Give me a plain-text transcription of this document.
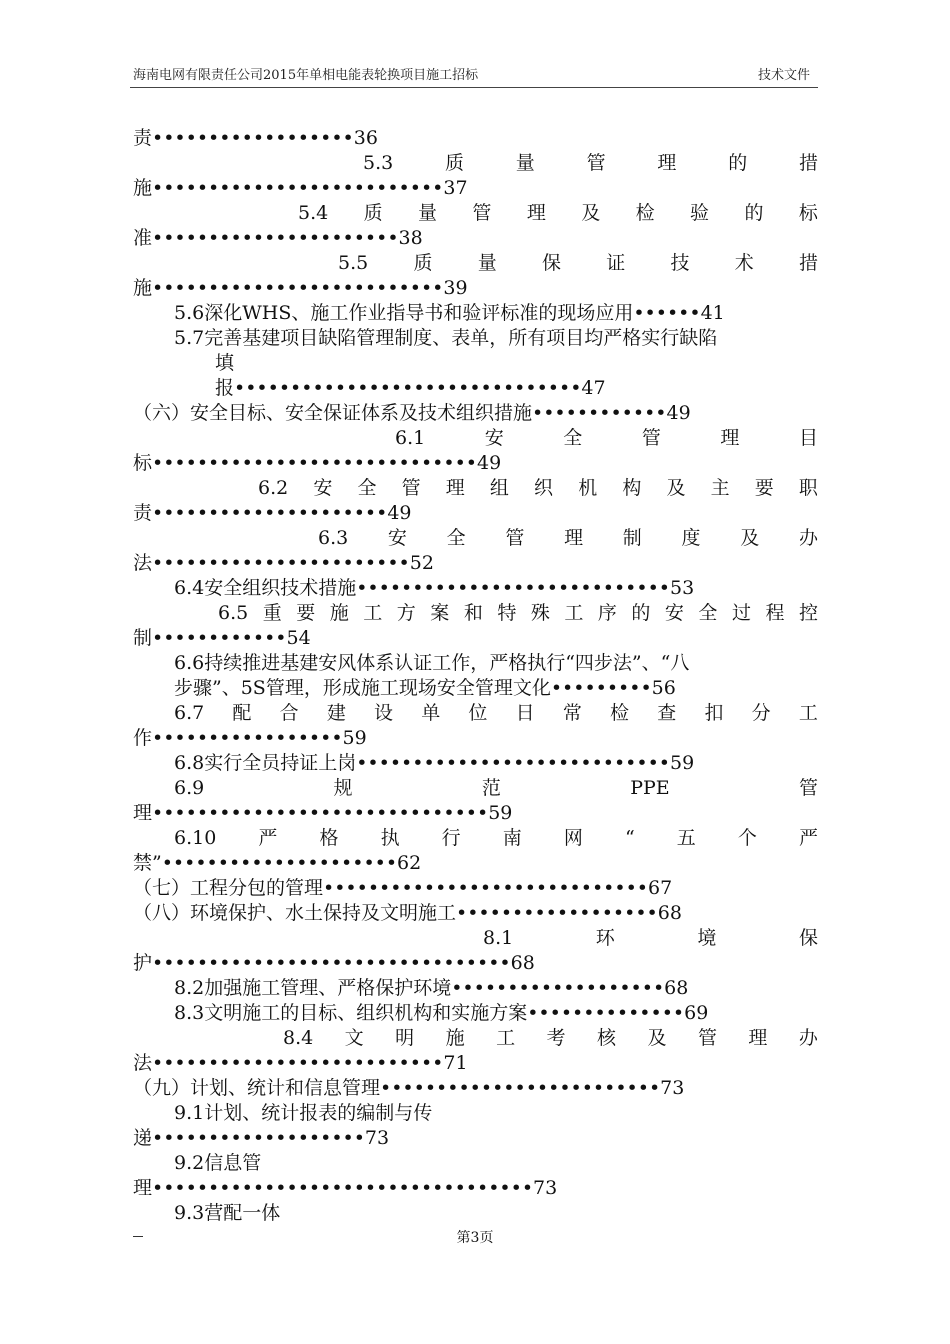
海南电网有限责任公司2015年单相电能表轮换项目施工招标	技术文件
责••••••••••••••••••36
5.3	质	量	管	理	的	措
施••••••••••••••••••••••••••37
5.4 质 量 管 理 及 检 验 的 标
准••••••••••••••••••••••38
5.5 质 量 保 证 技 术 措
施••••••••••••••••••••••••••39
5.6深化WHS、施工作业指导书和验评标准的现场应用••••••41
5.7完善基建项目缺陷管理制度、表单，所有项目均严格实行缺陷
填
报•••••••••••••••••••••••••••••••47
（六）安全目标、安全保证体系及技术组织措施••••••••••••49
6.1	安	全	管	理	目
标•••••••••••••••••••••••••••••49
6.2 安 全 管 理 组 织 机 构 及 主 要 职
责•••••••••••••••••••••49
6.3 安 全 管 理 制 度 及 办
法•••••••••••••••••••••••52
6.4安全组织技术措施••••••••••••••••••••••••••••53
6.5 重 要 施 工 方 案 和 特 殊 工 序 的 安 全 过 程 控
制••••••••••••54
6.6持续推进基建安风体系认证工作，严格执行“四步法”、“八
步骤”、5S管理，形成施工现场安全管理文化•••••••••56
6.7 配 合 建 设 单 位 日 常 检 查 扣 分 工
作•••••••••••••••••59
6.8实行全员持证上岗••••••••••••••••••••••••••••59
6.9	规	范	PPE	管
理••••••••••••••••••••••••••••••59
6.10 严 格 执 行 南 网 “ 五 个 严
禁”•••••••••••••••••••••62
（七）工程分包的管理•••••••••••••••••••••••••••••67
（八）环境保护、水土保持及文明施工••••••••••••••••••68
8.1	环	境	保
护••••••••••••••••••••••••••••••••68
8.2加强施工管理、严格保护环境•••••••••••••••••••68
8.3文明施工的目标、组织机构和实施方案••••••••••••••69
8.4 文 明 施 工 考 核 及 管 理 办
法••••••••••••••••••••••••••71
（九）计划、统计和信息管理•••••••••••••••••••••••••73
9.1计划、统计报表的编制与传
递•••••••••••••••••••73
9.2信息管
理••••••••••••••••••••••••••••••••••73
9.3营配一体
第3页
